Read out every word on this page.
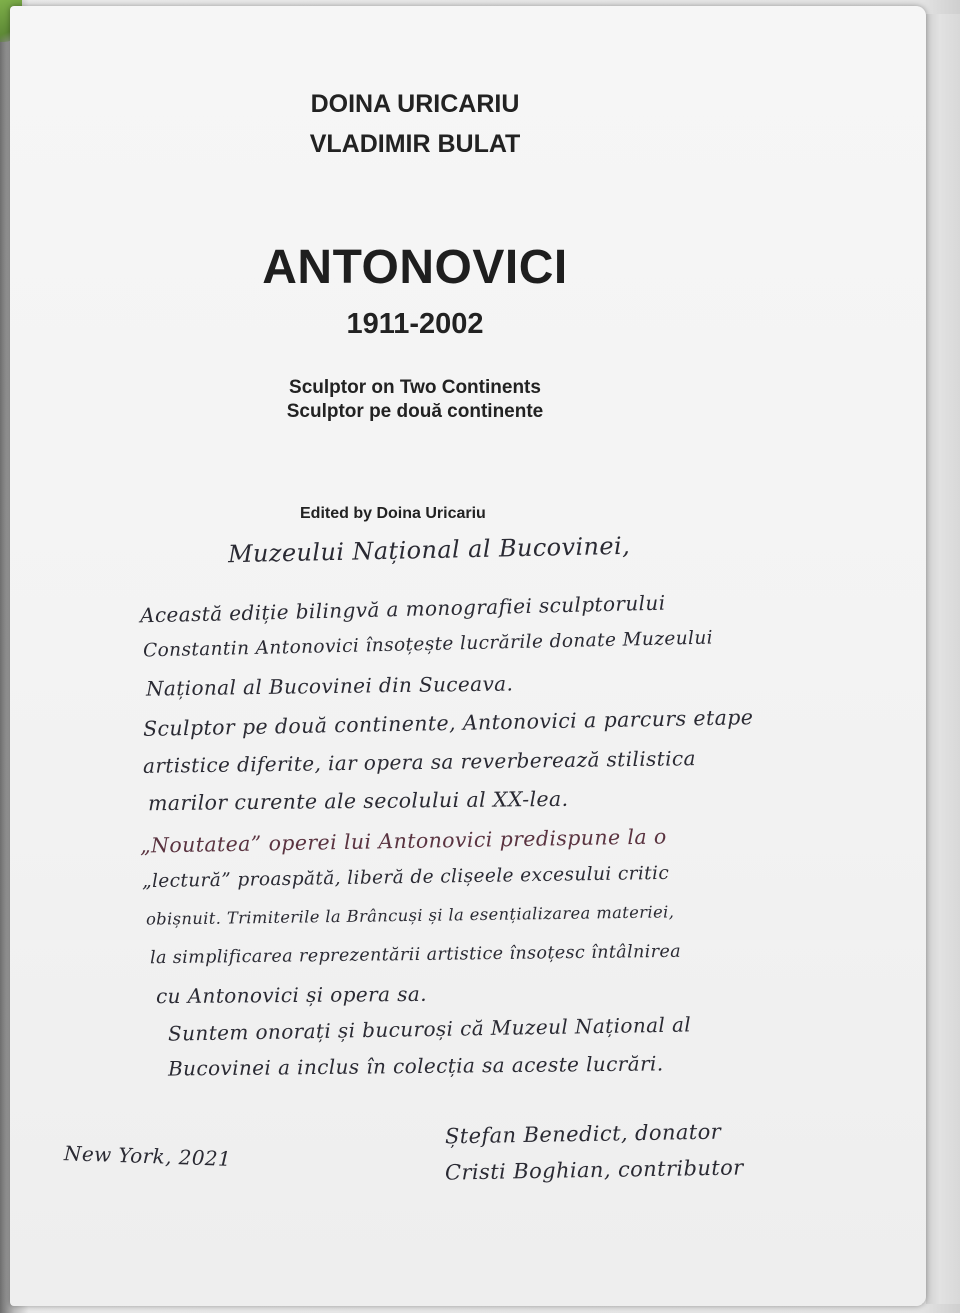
DOINA URICARIU
VLADIMIR BULAT
ANTONOVICI
1911-2002
Sculptor on Two Continents
Sculptor pe două continente
Edited by Doina Uricariu
Muzeului Național al Bucovinei,
Această ediție bilingvă a monografiei sculptorului
Constantin Antonovici însoțește lucrările donate Muzeului
Național al Bucovinei din Suceava.
Sculptor pe două continente, Antonovici a parcurs etape
artistice diferite, iar opera sa reverberează stilistica
marilor curente ale secolului al XX-lea.
„Noutatea” operei lui Antonovici predispune la o
„lectură” proaspătă, liberă de clișeele excesului critic
obișnuit. Trimiterile la Brâncuși și la esențializarea materiei,
la simplificarea reprezentării artistice însoțesc întâlnirea
cu Antonovici și opera sa.
Suntem onorați și bucuroși că Muzeul Național al
Bucovinei a inclus în colecția sa aceste lucrări.
New York, 2021
Ștefan Benedict, donator
Cristi Boghian, contributor
